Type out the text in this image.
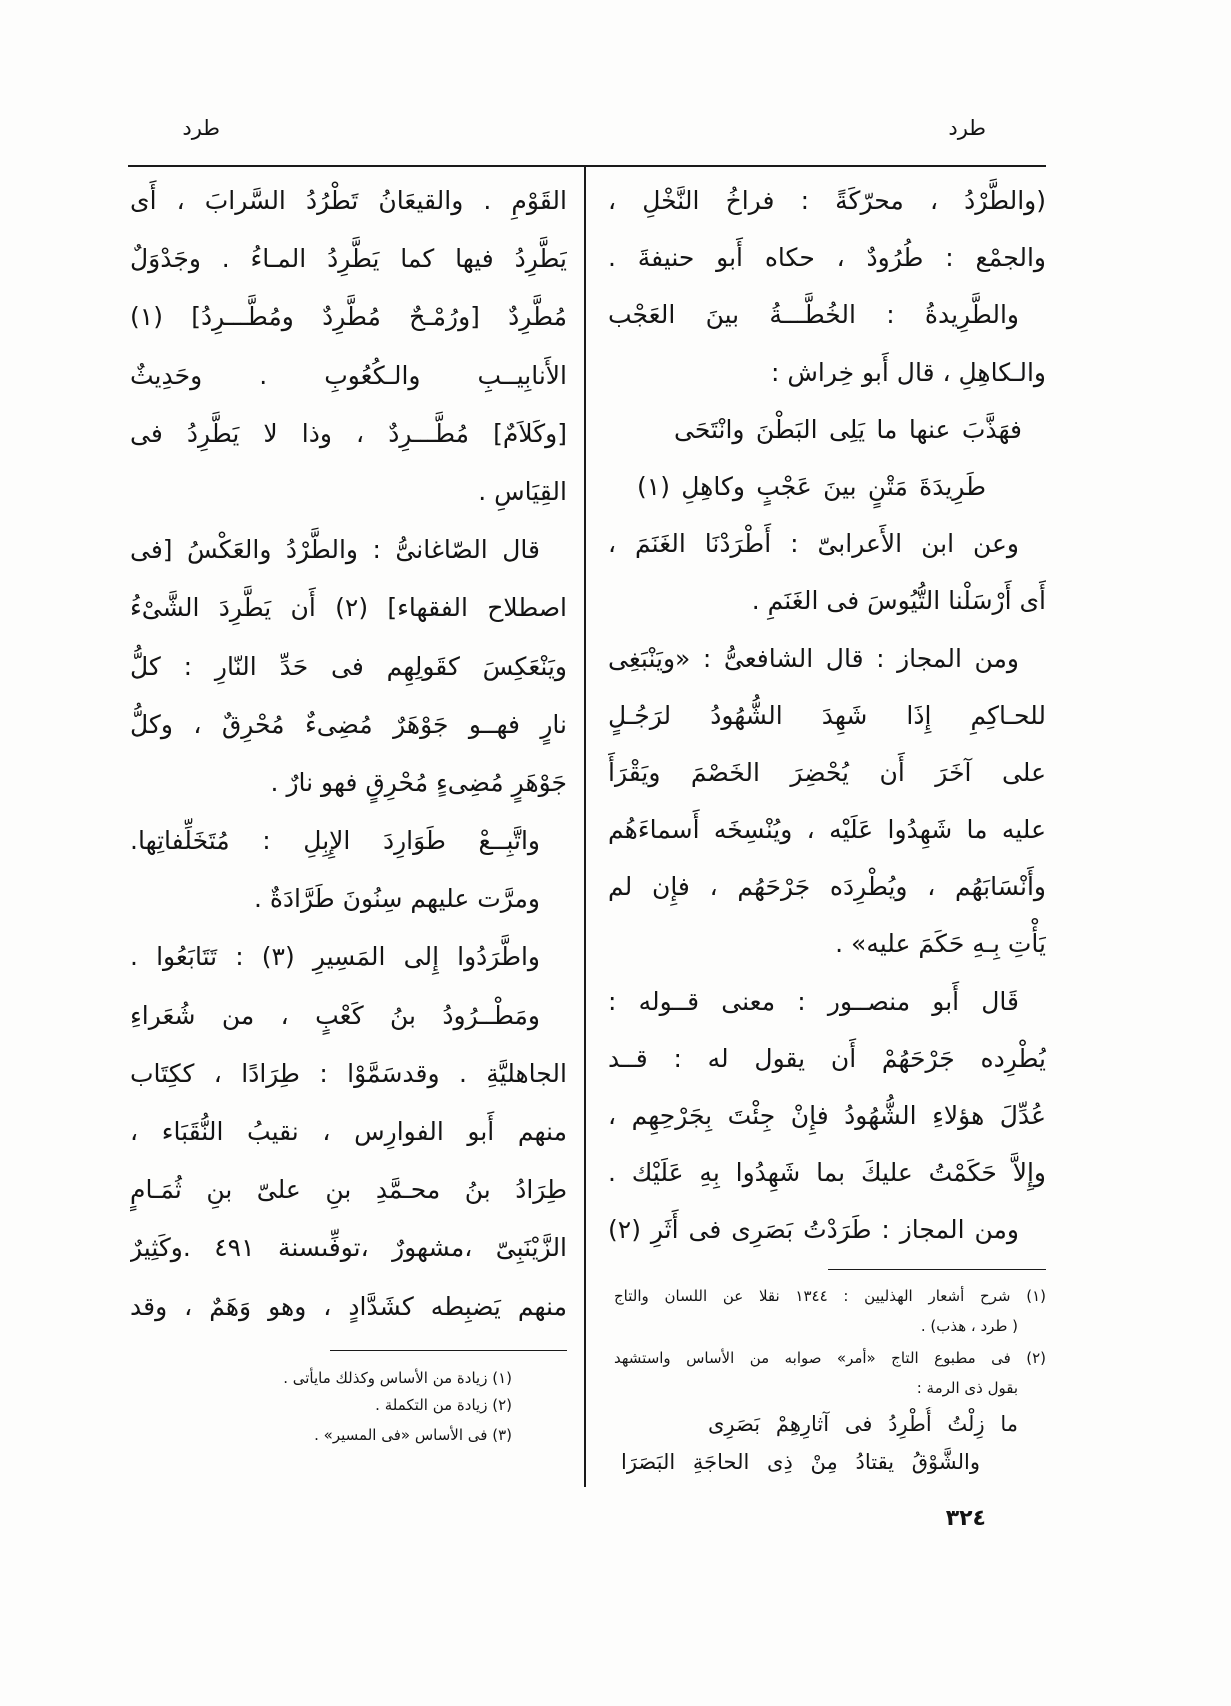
طرد
طرد
(والطَّرْدُ ، محرّكَةً : فراخُ النَّخْلِ ،
والجمْع : طُرُودٌ ، حكاه أَبو حنيفةَ .
والطَّرِيدةُ : الخُطَّـــةُ بينَ العَجْب
والـكاهِلِ ، قال أَبو خِراش :
فهَذَّبَ عنها ما يَلِى البَطْنَ وانْتَحَى
طَرِيدَةَ مَتْنٍ بينَ عَجْبٍ وكاهِلِ (١)
وعن ابن الأَعرابىّ : أَطْرَدْنَا الغَنَمَ ،
أَى أَرْسَلْنا التُّيُوسَ فى الغَنَمِ .
ومن المجاز : قال الشافعىُّ : «ويَنْبَغِى
للحـاكِمِ إِذَا شَهِدَ الشُّهُودُ لرَجُـلٍ
على آخَرَ أَن يُحْضِرَ الخَصْمَ ويَقْرَأَ
عليه ما شَهِدُوا عَلَيْه ، ويُنْسِخَه أَسماءَهُم
وأَنْسَابَهُم ، ويُطْرِدَه جَرْحَهُم ، فإِن لم
يَأْتِ بِـهِ حَكَمَ عليه» .
قَال أَبو منصــور : معنى قــوله :
يُطْرِده جَرْحَهُمْ أَن يقول له : قــد
عُدِّلَ هؤلاءِ الشُّهُودُ فإِنْ جِئْتَ بِجَرْحِهِم ،
وإِلاَّ حَكَمْتُ عليكَ بما شَهِدُوا بِهِ عَلَيْك .
ومن المجاز : طَرَدْتُ بَصَرِى فى أَثَرِ (٢)
القَوْمِ . والقيعَانُ تَطْرُدُ السَّرابَ ، أَى
يَطَّرِدُ فيها كما يَطَّرِدُ المـاءُ . وجَدْوَلٌ
مُطَّرِدٌ [ورُمْـحٌ مُطَّرِدٌ ومُطَّـــرِدُ] (١)
الأَنابِيــبِ والـكُعُوبِ . وحَدِيثٌ
[وكَلاَمٌ] مُطَّـــرِدٌ ، وذا لا يَطَّرِدُ فى
القِيَاسِ .
قال الصّاغانىُّ : والطَّرْدُ والعَكْسُ [فى
اصطلاح الفقهاء] (٢) أَن يَطَّرِدَ الشَّىْءُ
ويَنْعَكِسَ كقَولِهِم فى حَدِّ النّارِ : كلُّ
نارٍ فهــو جَوْهَرٌ مُضِىءٌ مُحْرِقٌ ، وكلُّ
جَوْهَرٍ مُضِىءٍ مُحْرِقٍ فهو نارٌ .
واتَّبِــعْ طَوَارِدَ الإِبِلِ : مُتَخَلِّفاتِها.
ومرَّت عليهم سِنُونَ طَرَّادَةٌ .
واطَّرَدُوا إِلى المَسِيرِ (٣) : تَتَابَعُوا .
ومَطْــرُودُ بنُ كَعْبٍ ، من شُعَراءِ
الجاهليَّةِ . وقدسَمَّوْا : طِرَادًا ، ككِتَاب
منهم أَبو الفوارِس ، نقيبُ النُّقَبَاء ،
طِرَادُ بنُ محـمَّدِ بنِ علىّ بنِ ثُمَـامٍ
الزَّيْنَبِىّ ،مشهورٌ ،توفِّىسنة ٤٩١ .وكَثِيرٌ
منهم يَضبِطه كشَدَّادٍ ، وهو وَهَمٌ ، وقد	(١) شرح أشعار الهذليين : ١٣٤٤ نقلا عن اللسان والتاج
( طرد ، هذب) .
(٢) فى مطبوع التاج «أمر» صوابه من الأساس واستشهد
بقول ذى الرمة :
ما زِلْتُ أُطْرِدُ فى آثارِهِمْ بَصَرِى
والشَّوْقُ يقتادُ مِنْ ذِى الحاجَةِ البَصَرَا
(١) زيادة من الأساس وكذلك مايأتى .
(٢) زيادة من التكملة .
(٣) فى الأساس «فى المسير» .
٣٢٤
